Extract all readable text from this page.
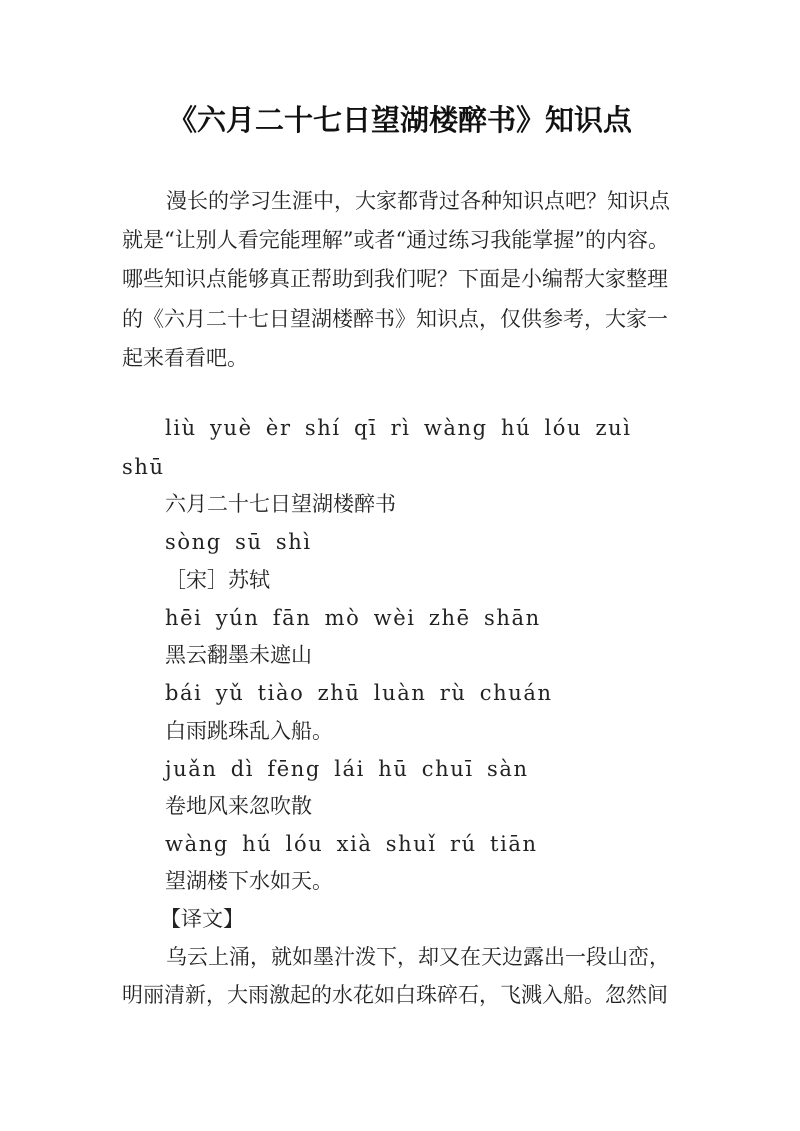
《六月二十七日望湖楼醉书》知识点

漫长的学习生涯中，大家都背过各种知识点吧？知识点就是“让别人看完能理解”或者“通过练习我能掌握”的内容。哪些知识点能够真正帮助到我们呢？下面是小编帮大家整理的《六月二十七日望湖楼醉书》知识点，仅供参考，大家一起来看看吧。

liù yuè èr shí qī rì wàng hú lóu zuì
shū
六月二十七日望湖楼醉书
sòng sū shì
［宋］苏轼
hēi yún fān mò wèi zhē shān
黑云翻墨未遮山
bái yǔ tiào zhū luàn rù chuán
白雨跳珠乱入船。
juǎn dì fēng lái hū chuī sàn
卷地风来忽吹散
wàng hú lóu xià shuǐ rú tiān
望湖楼下水如天。
【译文】

乌云上涌，就如墨汁泼下，却又在天边露出一段山峦，明丽清新，大雨激起的水花如白珠碎石，飞溅入船。忽然间
